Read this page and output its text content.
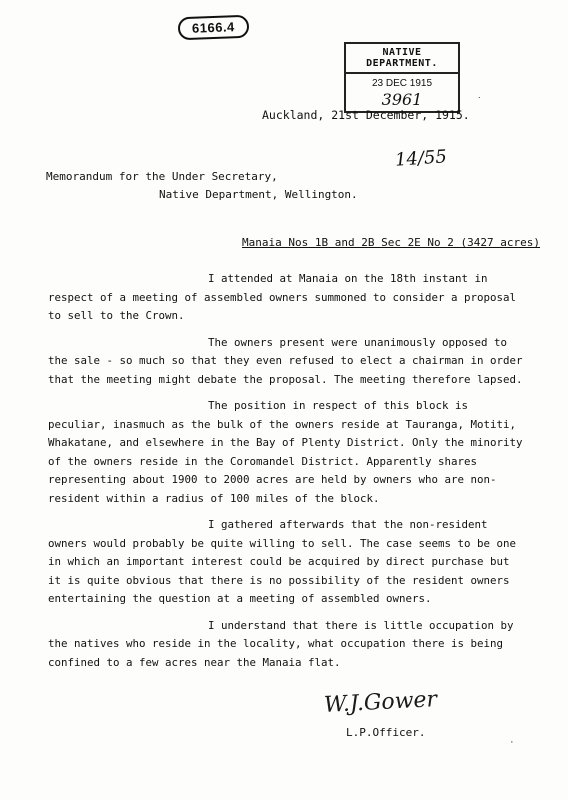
6166.4
NATIVE DEPARTMENT.
23 DEC 1915
3961
Auckland, 21st December, 1915.
14/55
Memorandum for the Under Secretary,
Native Department, Wellington.
Manaia Nos 1B and 2B Sec 2E No 2 (3427 acres)

I attended at Manaia on the 18th instant in respect of a meeting of assembled owners summoned to consider a proposal to sell to the Crown.

The owners present were unanimously opposed to the sale - so much so that they even refused to elect a chairman in order that the meeting might debate the proposal. The meeting therefore lapsed.

The position in respect of this block is peculiar, inasmuch as the bulk of the owners reside at Tauranga, Motiti, Whakatane, and elsewhere in the Bay of Plenty District. Only the minority of the owners reside in the Coromandel District. Apparently shares representing about 1900 to 2000 acres are held by owners who are non-resident within a radius of 100 miles of the block.

I gathered afterwards that the non-resident owners would probably be quite willing to sell. The case seems to be one in which an important interest could be acquired by direct purchase but it is quite obvious that there is no possibility of the resident owners entertaining the question at a meeting of assembled owners.

I understand that there is little occupation by the natives who reside in the locality, what occupation there is being confined to a few acres near the Manaia flat.

W.J.Gower
L.P.Officer.
˙
·
